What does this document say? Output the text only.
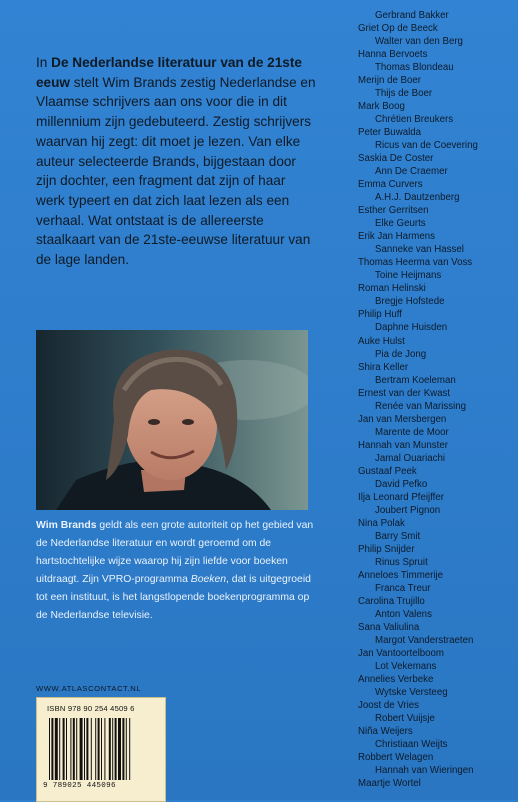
In De Nederlandse literatuur van de 21ste eeuw stelt Wim Brands zestig Nederlandse en Vlaamse schrijvers aan ons voor die in dit millennium zijn gedebuteerd. Zestig schrijvers waarvan hij zegt: dit moet je lezen. Van elke auteur selecteerde Brands, bijgestaan door zijn dochter, een fragment dat zijn of haar werk typeert en dat zich laat lezen als een verhaal. Wat ontstaat is de allereerste staalkaart van de 21ste-eeuwse literatuur van de lage landen.
Wim Brands geldt als een grote autoriteit op het gebied van de Nederlandse literatuur en wordt geroemd om de hartstochtelijke wijze waarop hij zijn liefde voor boeken uitdraagt. Zijn VPRO-programma Boeken, dat is uitgegroeid tot een instituut, is het langstlopende boekenprogramma op de Nederlandse televisie.
WWW.ATLASCONTACT.NL
ISBN 978 90 254 4509 6
9 789025 445096
Gerbrand Bakker
Griet Op de Beeck
Walter van den Berg
Hanna Bervoets
Thomas Blondeau
Merijn de Boer
Thijs de Boer
Mark Boog
Chrétien Breukers
Peter Buwalda
Ricus van de Coevering
Saskia De Coster
Ann De Craemer
Emma Curvers
A.H.J. Dautzenberg
Esther Gerritsen
Elke Geurts
Erik Jan Harmens
Sanneke van Hassel
Thomas Heerma van Voss
Toine Heijmans
Roman Helinski
Bregje Hofstede
Philip Huff
Daphne Huisden
Auke Hulst
Pia de Jong
Shira Keller
Bertram Koeleman
Ernest van der Kwast
Renée van Marissing
Jan van Mersbergen
Marente de Moor
Hannah van Munster
Jamal Ouariachi
Gustaaf Peek
David Pefko
Ilja Leonard Pfeijffer
Joubert Pignon
Nina Polak
Barry Smit
Philip Snijder
Rinus Spruit
Anneloes Timmerije
Franca Treur
Carolina Trujillo
Anton Valens
Sana Valiulina
Margot Vanderstraeten
Jan Vantoortelboom
Lot Vekemans
Annelies Verbeke
Wytske Versteeg
Joost de Vries
Robert Vuijsje
Niña Weijers
Christiaan Weijts
Robbert Welagen
Hannah van Wieringen
Maartje Wortel
